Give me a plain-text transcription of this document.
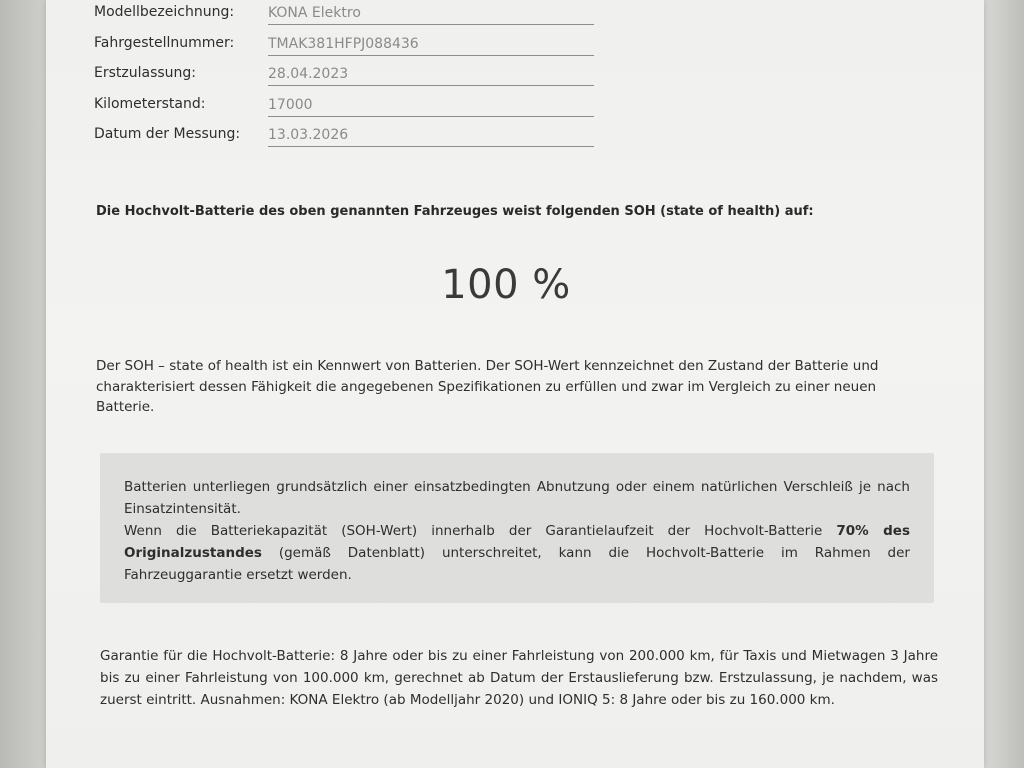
Modellbezeichnung: KONA Elektro
Fahrgestellnummer: TMAK381HFPJ088436
Erstzulassung:	28.04.2023
Kilometerstand:	17000
Datum der Messung: 13.03.2026
Die Hochvolt-Batterie des oben genannten Fahrzeuges weist folgenden SOH (state of health) auf:
100 %
Der SOH – state of health ist ein Kennwert von Batterien. Der SOH-Wert kennzeichnet den Zustand der Batterie und charakterisiert dessen Fähigkeit die angegebenen Spezifikationen zu erfüllen und zwar im Vergleich zu einer neuen Batterie.

Batterien unterliegen grundsätzlich einer einsatzbedingten Abnutzung oder einem natürlichen Verschleiß je nach Einsatzintensität.

Wenn die Batteriekapazität (SOH-Wert) innerhalb der Garantielaufzeit der Hochvolt-Batterie 70% des Originalzustandes (gemäß Datenblatt) unterschreitet, kann die Hochvolt-Batterie im Rahmen der Fahrzeuggarantie ersetzt werden.

Garantie für die Hochvolt-Batterie: 8 Jahre oder bis zu einer Fahrleistung von 200.000 km, für Taxis und Mietwagen 3 Jahre bis zu einer Fahrleistung von 100.000 km, gerechnet ab Datum der Erstauslieferung bzw. Erstzulassung, je nachdem, was zuerst eintritt. Ausnahmen: KONA Elektro (ab Modelljahr 2020) und IONIQ 5: 8 Jahre oder bis zu 160.000 km.
